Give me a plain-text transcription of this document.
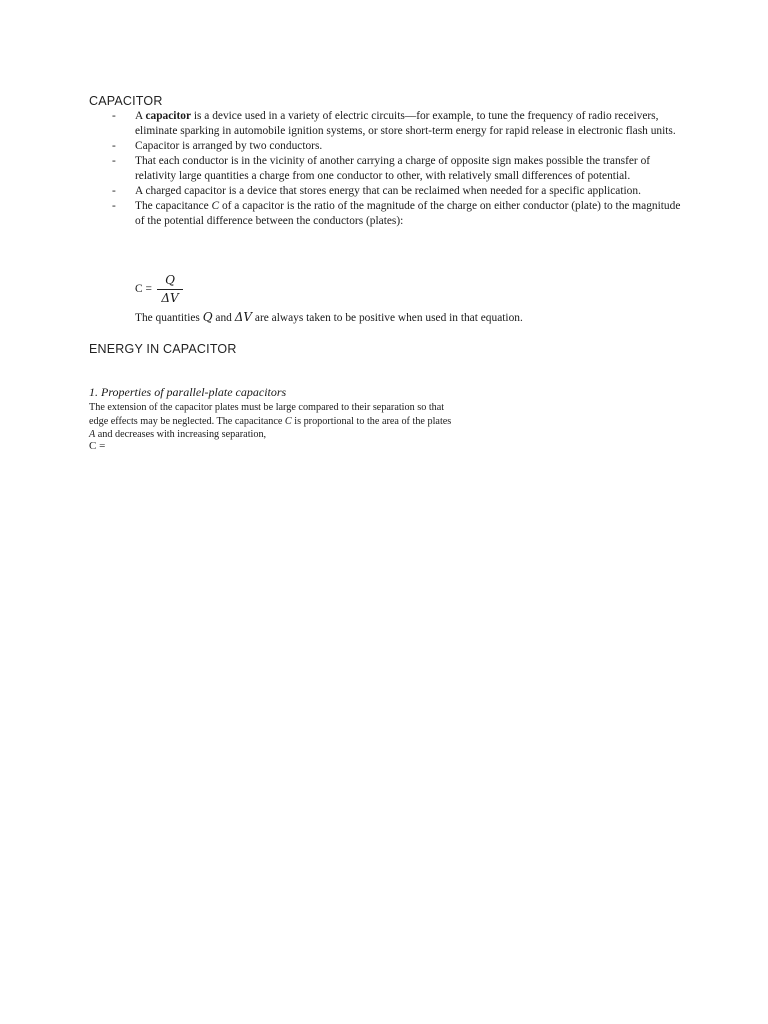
CAPACITOR
- A capacitor is a device used in a variety of electric circuits—for example, to tune the frequency of radio receivers, eliminate sparking in automobile ignition systems, or store short-term energy for rapid release in electronic flash units.
- Capacitor is arranged by two conductors.
- That each conductor is in the vicinity of another carrying a charge of opposite sign makes possible the transfer of relativity large quantities a charge from one conductor to other, with relatively small differences of potential.
- A charged capacitor is a device that stores energy that can be reclaimed when needed for a specific application.
- The capacitance C of a capacitor is the ratio of the magnitude of the charge on either conductor (plate) to the magnitude of the potential difference between the conductors (plates):
C =
Q
ΔV
The quantities Q and ΔV are always taken to be positive when used in that equation.
ENERGY IN CAPACITOR
1. Properties of parallel-plate capacitors
The extension of the capacitor plates must be large compared to their separation so that
edge effects may be neglected. The capacitance C is proportional to the area of the plates
A and decreases with increasing separation,
C =
